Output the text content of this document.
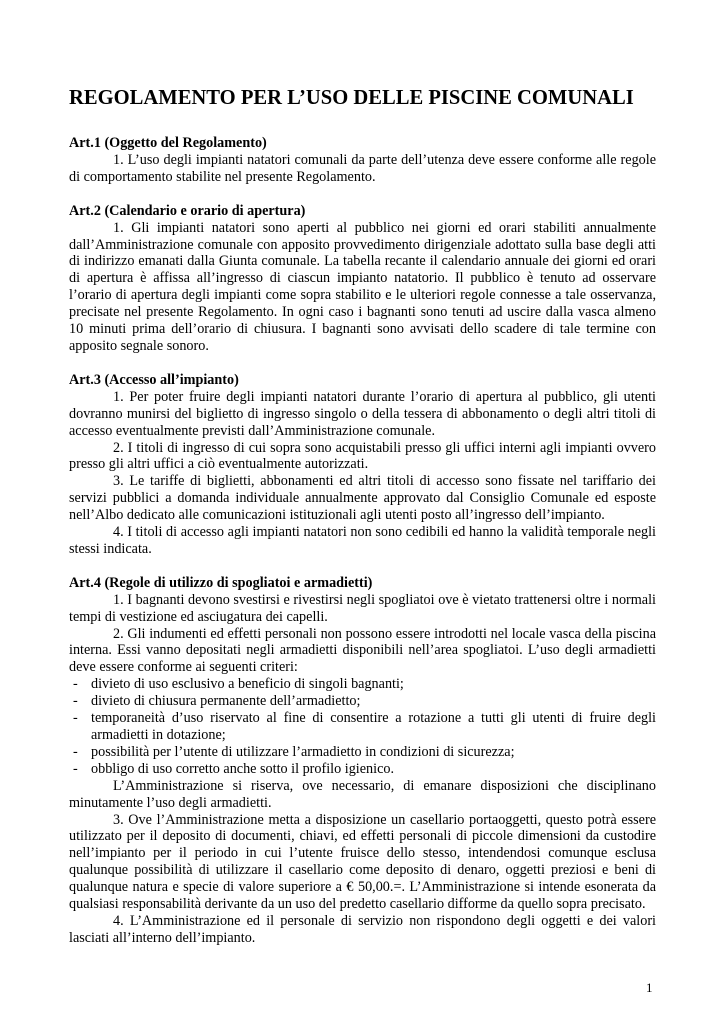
REGOLAMENTO PER L’USO DELLE PISCINE COMUNALI
Art.1 (Oggetto del Regolamento)

1. L’uso degli impianti natatori comunali da parte dell’utenza deve essere conforme alle regole di comportamento stabilite nel presente Regolamento.

Art.2 (Calendario e orario di apertura)

1. Gli impianti natatori sono aperti al pubblico nei giorni ed orari stabiliti annualmente dall’Amministrazione comunale con apposito provvedimento dirigenziale adottato sulla base degli atti di indirizzo emanati dalla Giunta comunale. La tabella recante il calendario annuale dei giorni ed orari di apertura è affissa all’ingresso di ciascun impianto natatorio. Il pubblico è tenuto ad osservare l’orario di apertura degli impianti come sopra stabilito e le ulteriori regole connesse a tale osservanza, precisate nel presente Regolamento. In ogni caso i bagnanti sono tenuti ad uscire dalla vasca almeno 10 minuti prima dell’orario di chiusura. I bagnanti sono avvisati dello scadere di tale termine con apposito segnale sonoro.

Art.3 (Accesso all’impianto)

1. Per poter fruire degli impianti natatori durante l’orario di apertura al pubblico, gli utenti dovranno munirsi del biglietto di ingresso singolo o della tessera di abbonamento o degli altri titoli di accesso eventualmente previsti dall’Amministrazione comunale.

2. I titoli di ingresso di cui sopra sono acquistabili presso gli uffici interni agli impianti ovvero presso gli altri uffici a ciò eventualmente autorizzati.

3. Le tariffe di biglietti, abbonamenti ed altri titoli di accesso sono fissate nel tariffario dei servizi pubblici a domanda individuale annualmente approvato dal Consiglio Comunale ed esposte nell’Albo dedicato alle comunicazioni istituzionali agli utenti posto all’ingresso dell’impianto.

4. I titoli di accesso agli impianti natatori non sono cedibili ed hanno la validità temporale negli stessi indicata.

Art.4 (Regole di utilizzo di spogliatoi e armadietti)

1. I bagnanti devono svestirsi e rivestirsi negli spogliatoi ove è vietato trattenersi oltre i normali tempi di vestizione ed asciugatura dei capelli.

2. Gli indumenti ed effetti personali non possono essere introdotti nel locale vasca della piscina interna. Essi vanno depositati negli armadietti disponibili nell’area spogliatoi. L’uso degli armadietti deve essere conforme ai seguenti criteri:

- divieto di uso esclusivo a beneficio di singoli bagnanti;
- divieto di chiusura permanente dell’armadietto;
- temporaneità d’uso riservato al fine di consentire a rotazione a tutti gli utenti di fruire degli armadietti in dotazione;
- possibilità per l’utente di utilizzare l’armadietto in condizioni di sicurezza;
- obbligo di uso corretto anche sotto il profilo igienico.

L’Amministrazione si riserva, ove necessario, di emanare disposizioni che disciplinano minutamente l’uso degli armadietti.

3. Ove l’Amministrazione metta a disposizione un casellario portaoggetti, questo potrà essere utilizzato per il deposito di documenti, chiavi, ed effetti personali di piccole dimensioni da custodire nell’impianto per il periodo in cui l’utente fruisce dello stesso, intendendosi comunque esclusa qualunque possibilità di utilizzare il casellario come deposito di denaro, oggetti preziosi e beni di qualunque natura e specie di valore superiore a € 50,00.=. L’Amministrazione si intende esonerata da qualsiasi responsabilità derivante da un uso del predetto casellario difforme da quello sopra precisato.

4. L’Amministrazione ed il personale di servizio non rispondono degli oggetti e dei valori lasciati all’interno dell’impianto.

1
